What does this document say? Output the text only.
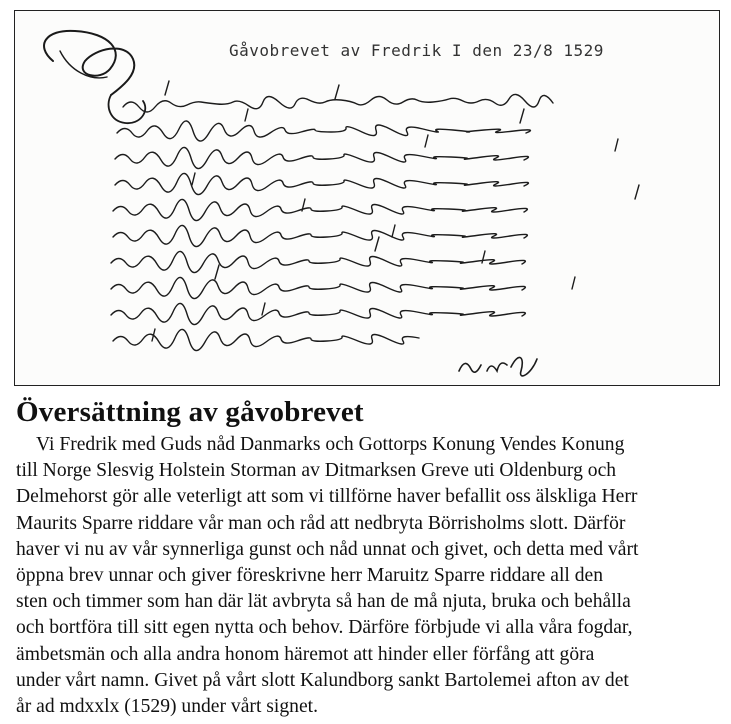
Gåvobrevet av Fredrik I den 23/8 1529
Översättning av gåvobrevet
Vi Fredrik med Guds nåd Danmarks och Gottorps Konung Vendes Konung
till Norge Slesvig Holstein Storman av Ditmarksen Greve uti Oldenburg och
Delmehorst gör alle veterligt att som vi tillförne haver befallit oss älskliga Herr
Maurits Sparre riddare vår man och råd att nedbryta Börrisholms slott. Därför
haver vi nu av vår synnerliga gunst och nåd unnat och givet, och detta med vårt
öppna brev unnar och giver föreskrivne herr Maruitz Sparre riddare all den
sten och timmer som han där lät avbryta så han de må njuta, bruka och behålla
och bortföra till sitt egen nytta och behov. Därföre förbjude vi alla våra fogdar,
ämbetsmän och alla andra honom häremot att hinder eller förfång att göra
under vårt namn. Givet på vårt slott Kalundborg sankt Bartolemei afton av det
år ad mdxxlx (1529) under vårt signet.
